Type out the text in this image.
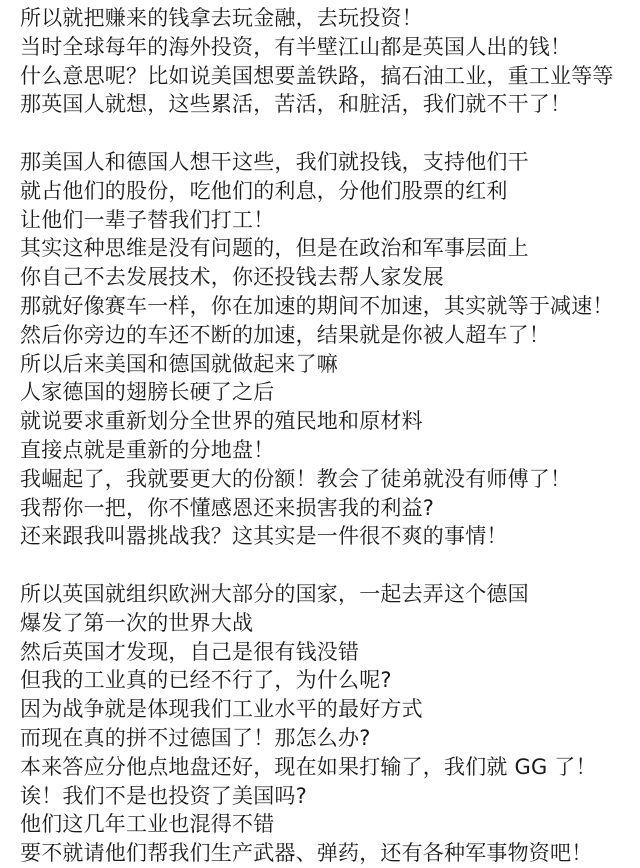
所以就把赚来的钱拿去玩金融，去玩投资！
当时全球每年的海外投资，有半壁江山都是英国人出的钱！
什么意思呢？比如说美国想要盖铁路，搞石油工业，重工业等等
那英国人就想，这些累活，苦活，和脏活，我们就不干了！
那美国人和德国人想干这些，我们就投钱，支持他们干
就占他们的股份，吃他们的利息，分他们股票的红利
让他们一辈子替我们打工！
其实这种思维是没有问题的，但是在政治和军事层面上
你自己不去发展技术，你还投钱去帮人家发展
那就好像赛车一样，你在加速的期间不加速，其实就等于减速！
然后你旁边的车还不断的加速，结果就是你被人超车了！
所以后来美国和德国就做起来了嘛
人家德国的翅膀长硬了之后
就说要求重新划分全世界的殖民地和原材料
直接点就是重新的分地盘！
我崛起了，我就要更大的份额！教会了徒弟就没有师傅了！
我帮你一把，你不懂感恩还来损害我的利益?
还来跟我叫嚣挑战我？这其实是一件很不爽的事情！
所以英国就组织欧洲大部分的国家，一起去弄这个德国
爆发了第一次的世界大战
然后英国才发现，自己是很有钱没错
但我的工业真的已经不行了，为什么呢?
因为战争就是体现我们工业水平的最好方式
而现在真的拼不过德国了！那怎么办?
本来答应分他点地盘还好，现在如果打输了，我们就 GG 了！
诶！我们不是也投资了美国吗?
他们这几年工业也混得不错
要不就请他们帮我们生产武器、弹药，还有各种军事物资吧！
